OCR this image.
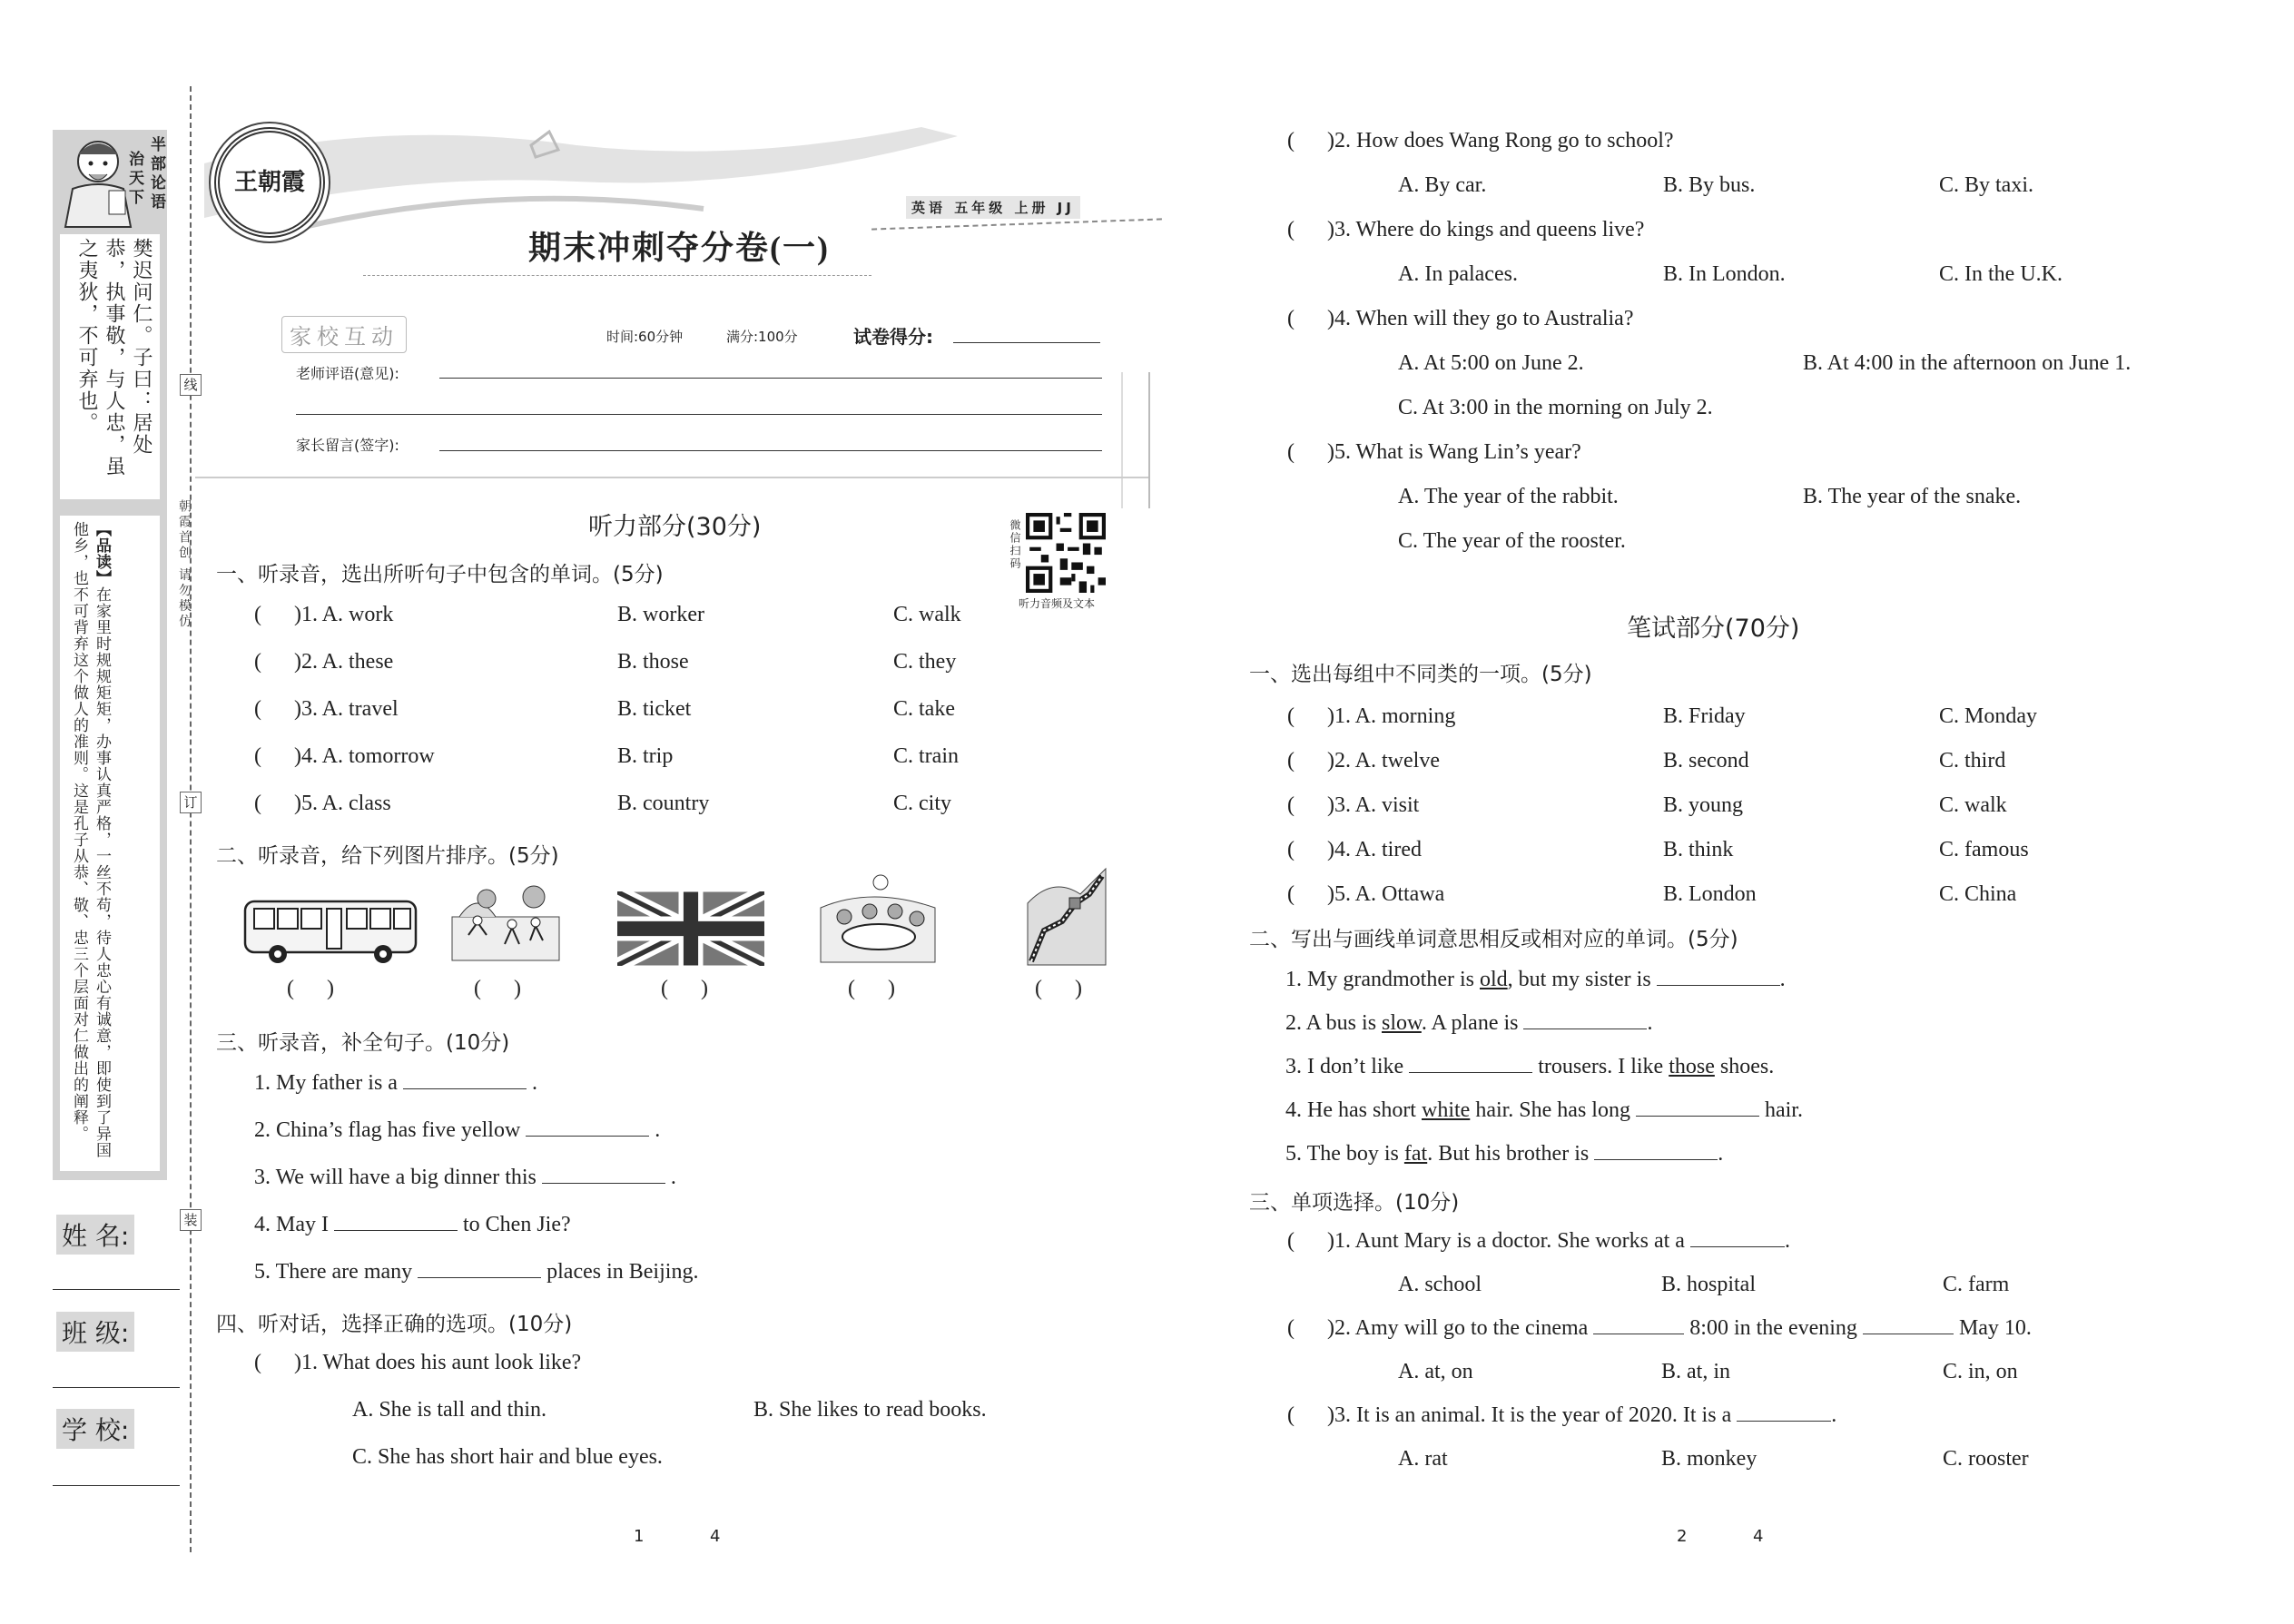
半部论语
治天下
樊迟问仁。子曰：居处恭，执事敬，与人忠，虽之夷狄，不可弃也。
【品读】在家里时规规矩矩，办事认真严格，一丝不苟，待人忠心有诚意，即使到了异国他乡，也不可背弃这个做人的准则。这是孔子从恭、敬、忠三个层面对仁做出的阐释。	朝霞首创 请勿模仿
线
订
装
姓 名:
班 级:
学 校:
王朝霞
英语 五年级 上册 JJ
期末冲刺夺分卷(一)
家校互动	时间:60分钟	满分:100分	试卷得分:
老师评语(意见):
家长留言(签字):
微信扫码
听力音频及文本
听力部分(30分)
一、听录音，选出所听句子中包含的单词。(5分)
(      )1. A. work	B. worker	C. walk
(      )2. A. these	B. those	C. they
(      )3. A. travel	B. ticket	C. take
(      )4. A. tomorrow	B. trip	C. train
(      )5. A. class	B. country	C. city
二、听录音，给下列图片排序。(5分)
(      )	(      )	(      )	(      )	(      )
三、听录音，补全句子。(10分)
1. My father is a	.
2. China’s flag has five yellow	.
3. We will have a big dinner this	.
4. May I	to Chen Jie?
5. There are many	places in Beijing.
四、听对话，选择正确的选项。(10分)
(      )1. What does his aunt look like?
A. She is tall and thin.	B. She likes to read books.
C. She has short hair and blue eyes.
1	4
(      )2. How does Wang Rong go to school?
A. By car.	B. By bus.	C. By taxi.
(      )3. Where do kings and queens live?
A. In palaces.	B. In London.	C. In the U.K.
(      )4. When will they go to Australia?
A. At 5:00 on June 2.	B. At 4:00 in the afternoon on June 1.
C. At 3:00 in the morning on July 2.
(      )5. What is Wang Lin’s year?
A. The year of the rabbit.	B. The year of the snake.
C. The year of the rooster.
笔试部分(70分)
一、选出每组中不同类的一项。(5分)
(      )1. A. morning	B. Friday	C. Monday
(      )2. A. twelve	B. second	C. third
(      )3. A. visit	B. young	C. walk
(      )4. A. tired	B. think	C. famous
(      )5. A. Ottawa	B. London	C. China
二、写出与画线单词意思相反或相对应的单词。(5分)
1. My grandmother is old, but my sister is	.
2. A bus is slow. A plane is	.
3. I don’t like	trousers. I like those shoes.
4. He has short white hair. She has long	hair.
5. The boy is fat. But his brother is	.
三、单项选择。(10分)
(      )1. Aunt Mary is a doctor. She works at a	.
A. school	B. hospital	C. farm
(      )2. Amy will go to the cinema	8:00 in the evening	May 10.
A. at, on	B. at, in	C. in, on
(      )3. It is an animal. It is the year of 2020. It is a	.
A. rat	B. monkey	C. rooster
2	4
